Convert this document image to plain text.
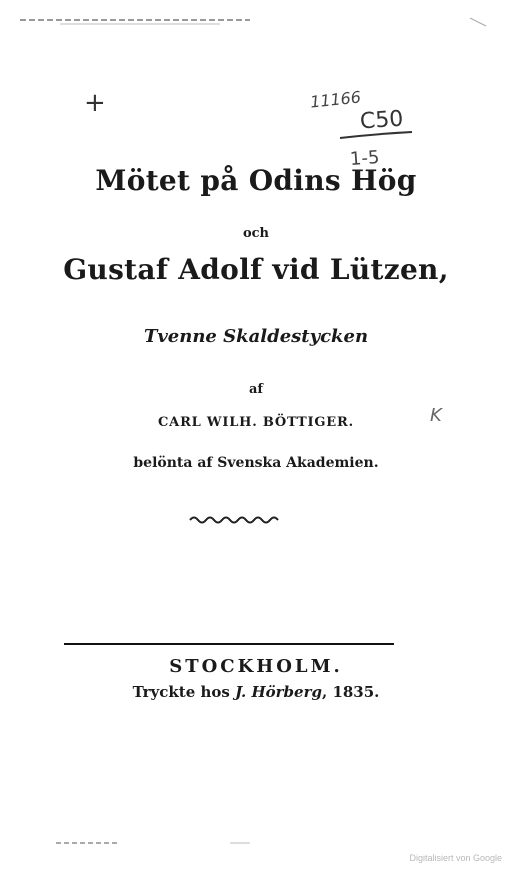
+	11166
C50
1-5
K
Mötet på Odins Hög
och
Gustaf Adolf vid Lützen,
Tvenne Skaldestycken
af
CARL WILH. BÖTTIGER.
belönta af Svenska Akademien.
STOCKHOLM.
Tryckte hos J. Hörberg, 1835.
Digitalisiert von Google
